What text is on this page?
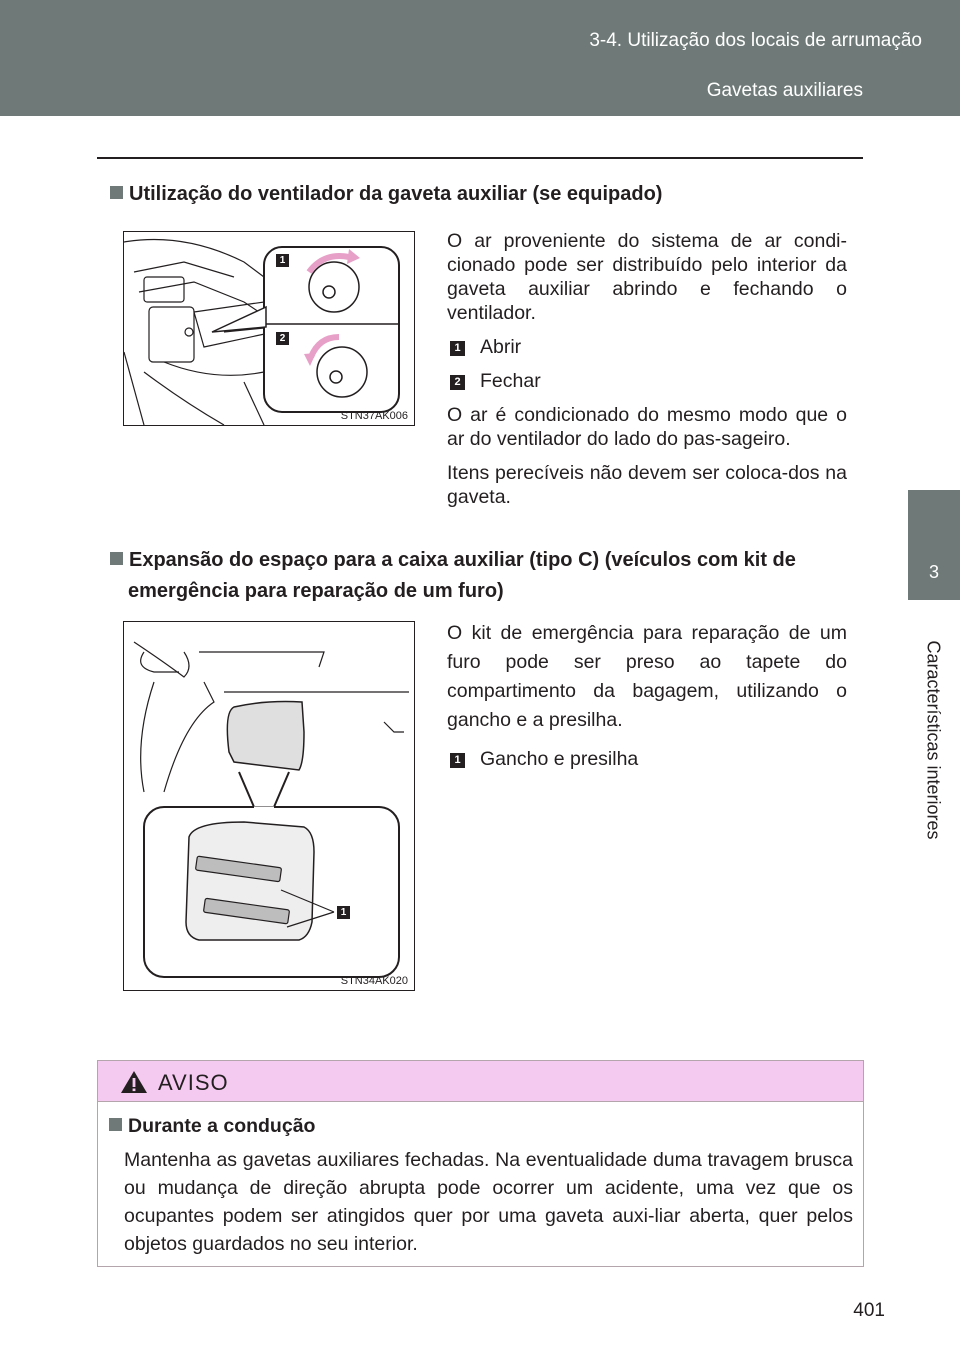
3-4. Utilização dos locais de arrumação
Gavetas auxiliares
3
Características interiores
Utilização do ventilador da gaveta auxiliar (se equipado)
1
2
STN37AK006

O ar proveniente do sistema de ar condi-cionado pode ser distribuído pelo interior da gaveta auxiliar abrindo e fechando o ventilador.

1 Abrir

2 Fechar

O ar é condicionado do mesmo modo que o ar do ventilador do lado do pas-sageiro.

Itens perecíveis não devem ser coloca-dos na gaveta.

Expansão do espaço para a caixa auxiliar (tipo C) (veículos com kit de emergência para reparação de um furo)
1
STN34AK020

O kit de emergência para reparação de um furo pode ser preso ao tapete do compartimento da bagagem, utilizando o gancho e a presilha.

1 Gancho e presilha

AVISO
Durante a condução
Mantenha as gavetas auxiliares fechadas. Na eventualidade duma travagem brusca ou mudança de direção abrupta pode ocorrer um acidente, uma vez que os ocupantes podem ser atingidos quer por uma gaveta auxi-liar aberta, quer pelos objetos guardados no seu interior.
401
